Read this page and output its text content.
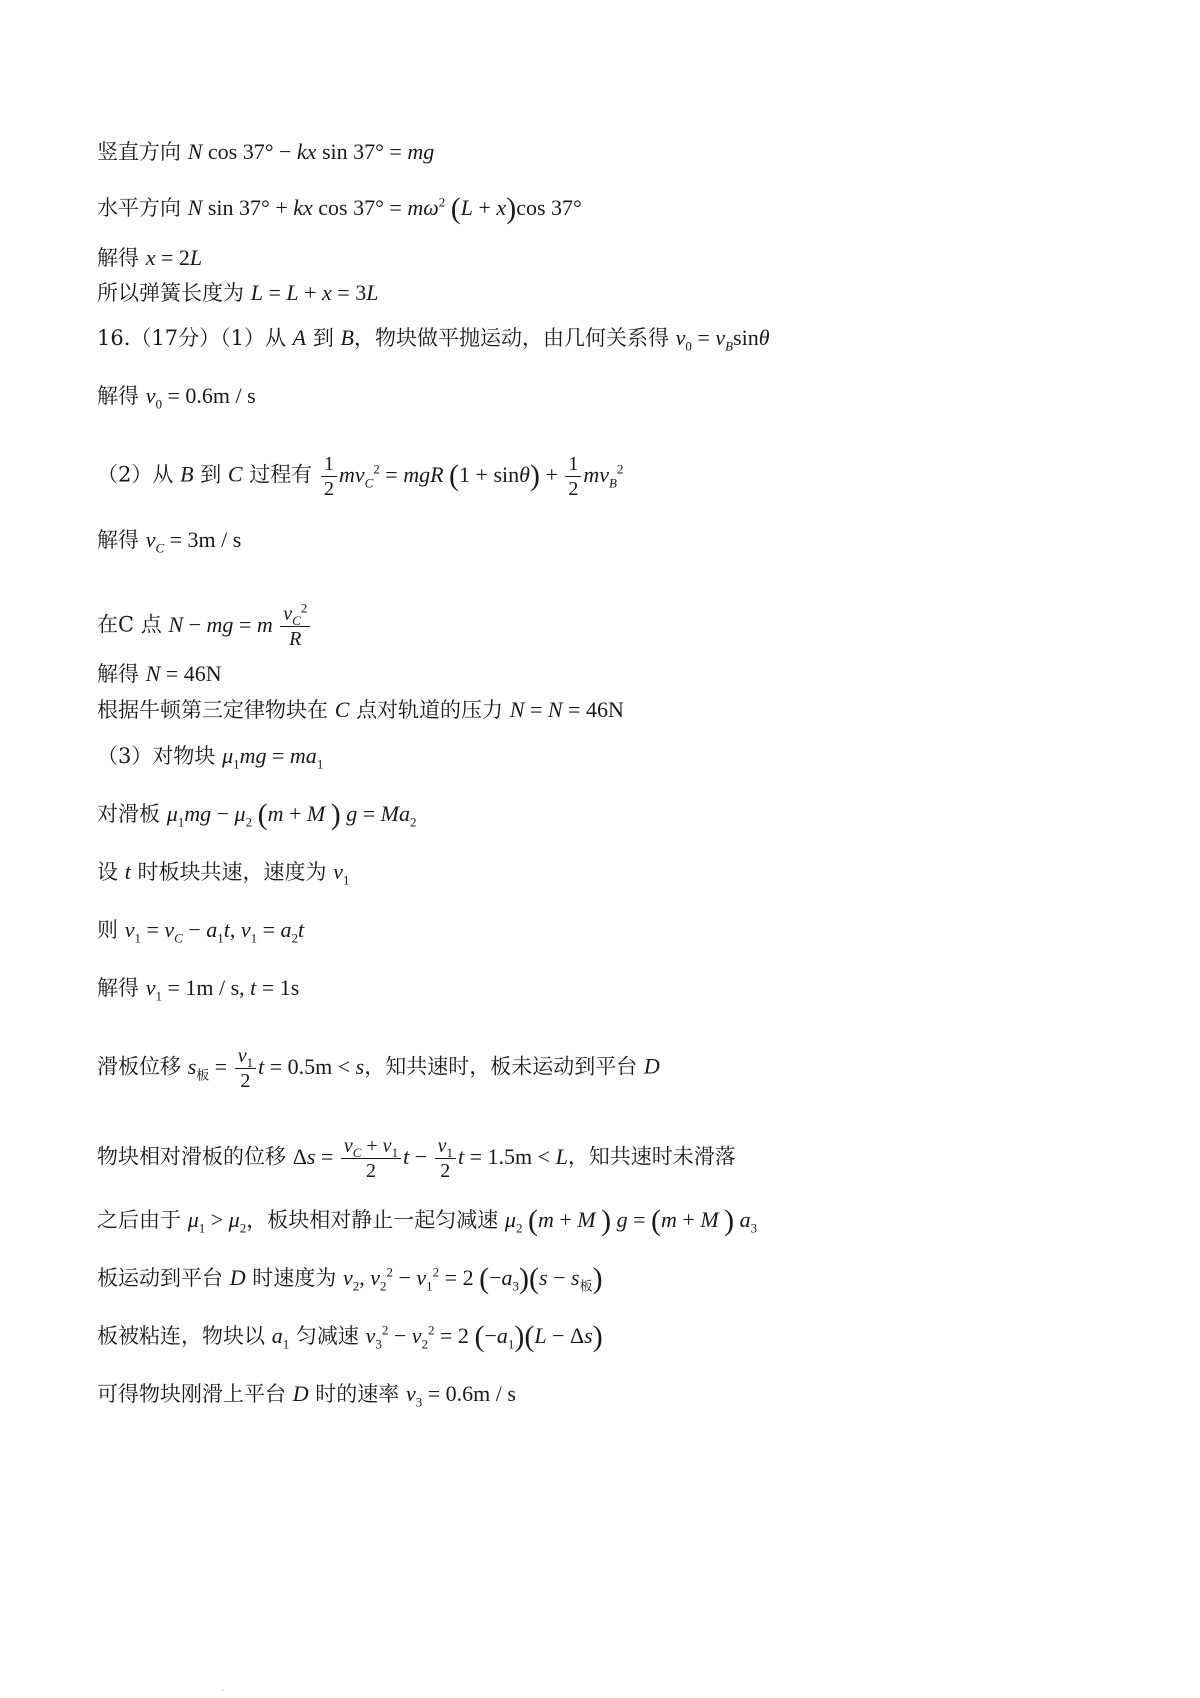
竖直方向 N cos 37° − kx sin 37° = mg
水平方向 N sin 37° + kx $\cos 37^\circ = m\omega^2$ (L + x)cos 37°
解得 x = 2L
所以弹簧长度为 L = L + x = 3L
16.（17分）（1）从 A 到 B，物块做平抛运动，由几何关系得 $v_0 = v_B\sin\theta$
解得 $v_0 = 0.6m / s$
（2）从 B 到 C 过程有 $\frac{1}{2} mv_C^2$ = mgR $(1 + \sin\theta) + \frac{1}{2} mv_B^2$
解得 $v_C = 3m / s$
在C 点 N − mg = m $\frac{v_C^2}{R}$
解得 N = 46N
根据牛顿第三定律物块在 C 点对轨道的压力 N = N = 46N
（3）对物块 $\mu_1mg = ma_1$
对滑板 $\mu_1mg - \mu_2$ (m + M ) $g = Ma_2$
设 t 时板块共速，速度为 $v_1$
则 $v_1 = v_C - a_1t$, $v_1 = a_2t$
解得 $v_1 = 1m / s$, t = 1s
滑板位移 $s_板 = \frac{v_1}{2}$ t = 0.5m < s，知共速时，板未运动到平台 D
物块相对滑板的位移 $\Delta s = \frac{v_C + v_1}{2}$ $t - \frac{v_1}{2}$ t = 1.5m < L，知共速时未滑落
之后由于 $\mu_1 > \mu_2$，板块相对静止一起匀减速 $\mu_2$ (m + M ) g = (m + M ) $a_3$
板运动到平台 D 时速度为 $v_2$, $v_2^2 - v_1^2 = 2$ $(-a_3)(s - s_板)$
板被粘连，物块以 $a_1$ 匀减速 $v_3^2 - v_2^2 = 2$ $(-a_1)(L - \Delta s)$
可得物块刚滑上平台 D 时的速率 $v_3 = 0.6m / s$
·
